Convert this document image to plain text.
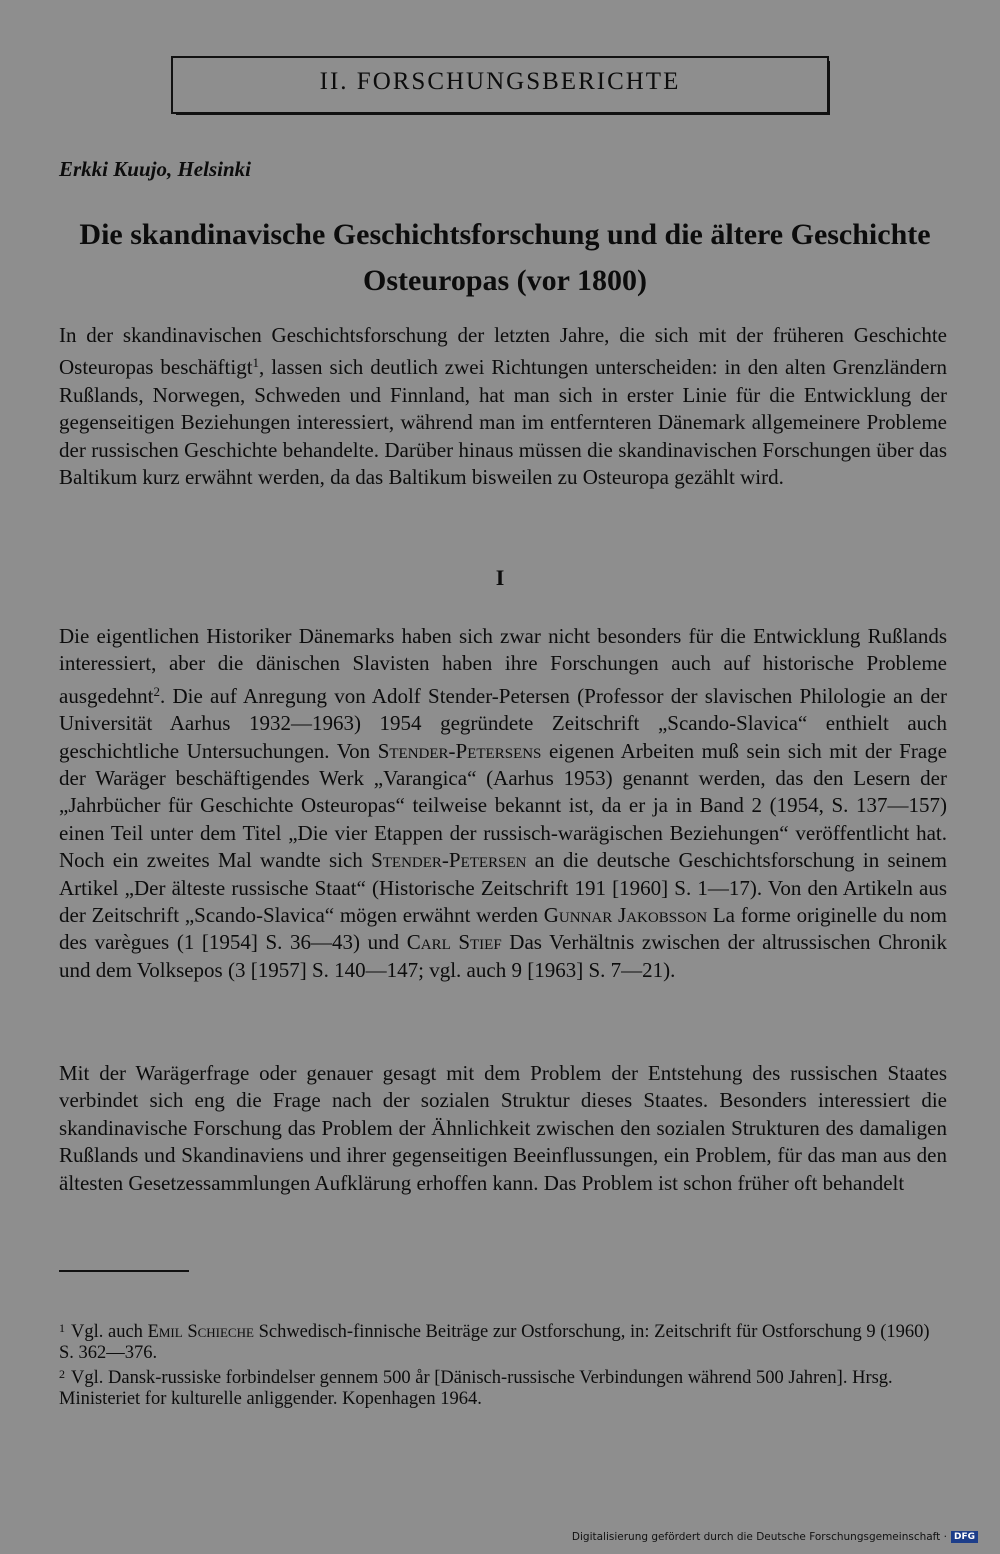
II. FORSCHUNGSBERICHTE
Erkki Kuujo, Helsinki
Die skandinavische Geschichtsforschung und die ältere Geschichte
Osteuropas (vor 1800)
In der skandinavischen Geschichtsforschung der letzten Jahre, die sich mit der früheren Geschichte Osteuropas beschäftigt$^1$, lassen sich deutlich zwei Richtungen unterscheiden: in den alten Grenzländern Rußlands, Norwegen, Schweden und Finnland, hat man sich in erster Linie für die Entwicklung der gegenseitigen Beziehungen interessiert, während man im entfernteren Dänemark allgemeinere Probleme der russischen Geschichte behandelte. Darüber hinaus müssen die skandinavischen Forschungen über das Baltikum kurz erwähnt werden, da das Baltikum bisweilen zu Osteuropa gezählt wird.
I
Die eigentlichen Historiker Dänemarks haben sich zwar nicht besonders für die Entwicklung Rußlands interessiert, aber die dänischen Slavisten haben ihre Forschungen auch auf historische Probleme ausgedehnt$^2$. Die auf Anregung von Adolf Stender-Petersen (Professor der slavischen Philologie an der Universität Aarhus 1932—1963) 1954 gegründete Zeitschrift „Scando-Slavica“ enthielt auch geschichtliche Untersuchungen. Von Stender-Petersens eigenen Arbeiten muß sein sich mit der Frage der Waräger beschäftigendes Werk „Varangica“ (Aarhus 1953) genannt werden, das den Lesern der „Jahrbücher für Geschichte Osteuropas“ teilweise bekannt ist, da er ja in Band 2 (1954, S. 137—157) einen Teil unter dem Titel „Die vier Etappen der russisch-warägischen Beziehungen“ veröffentlicht hat. Noch ein zweites Mal wandte sich Stender-Petersen an die deutsche Geschichtsforschung in seinem Artikel „Der älteste russische Staat“ (Historische Zeitschrift 191 [1960] S. 1—17). Von den Artikeln aus der Zeitschrift „Scando-Slavica“ mögen erwähnt werden Gunnar Jakobsson La forme originelle du nom des varègues (1 [1954] S. 36—43) und Carl Stief Das Verhältnis zwischen der altrussischen Chronik und dem Volksepos (3 [1957] S. 140—147; vgl. auch 9 [1963] S. 7—21).
Mit der Warägerfrage oder genauer gesagt mit dem Problem der Entstehung des russischen Staates verbindet sich eng die Frage nach der sozialen Struktur dieses Staates. Besonders interessiert die skandinavische Forschung das Problem der Ähnlichkeit zwischen den sozialen Strukturen des damaligen Rußlands und Skandinaviens und ihrer gegenseitigen Beeinflussungen, ein Problem, für das man aus den ältesten Gesetzessammlungen Aufklärung erhoffen kann. Das Problem ist schon früher oft behandelt
$^1$ Vgl. auch Emil Schieche Schwedisch-finnische Beiträge zur Ostforschung, in: Zeitschrift für Ostforschung 9 (1960) S. 362—376.
$^2$ Vgl. Dansk-russiske forbindelser gennem 500 år [Dänisch-russische Verbindungen während 500 Jahren]. Hrsg. Ministeriet for kulturelle anliggender. Kopenhagen 1964.
Digitalisierung gefördert durch die Deutsche Forschungsgemeinschaft · DFG
